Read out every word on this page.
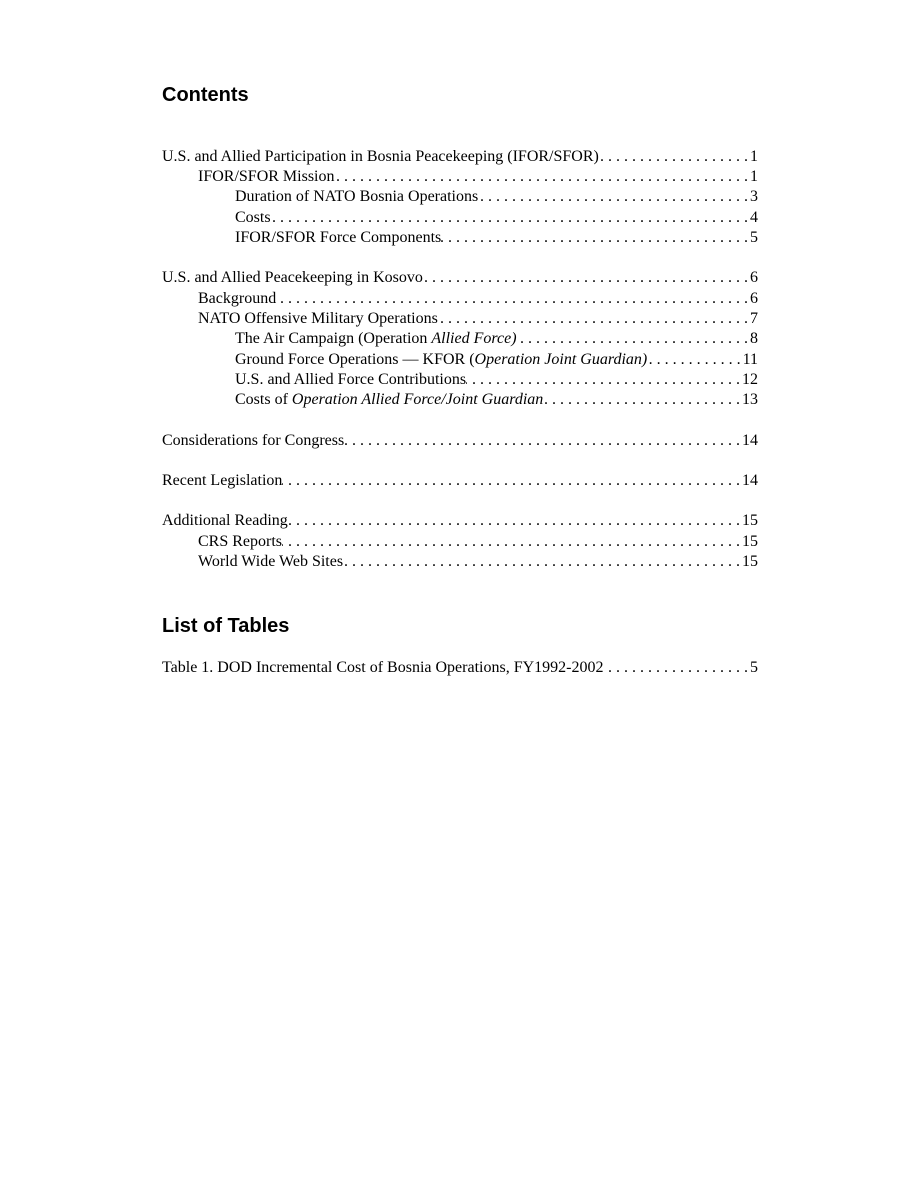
Contents
U.S. and Allied Participation in Bosnia Peacekeeping (IFOR/SFOR) . . .	1
IFOR/SFOR Mission . . .	1
Duration of NATO Bosnia Operations . . .	3
Costs . . .	4
IFOR/SFOR Force Components . . .	5
U.S. and Allied Peacekeeping in Kosovo . . .	6
Background . . .	6
NATO Offensive Military Operations . . .	7
The Air Campaign (Operation Allied Force) . . .	8
Ground Force Operations — KFOR (Operation Joint Guardian) . . .	11
U.S. and Allied Force Contributions . . .	12
Costs of Operation Allied Force/Joint Guardian . . .	13
Considerations for Congress . . .	14
Recent Legislation . . .	14
Additional Reading . . .	15
CRS Reports . . .	15
World Wide Web Sites . . .	15
List of Tables
Table 1. DOD Incremental Cost of Bosnia Operations, FY1992-2002 . . .	5
